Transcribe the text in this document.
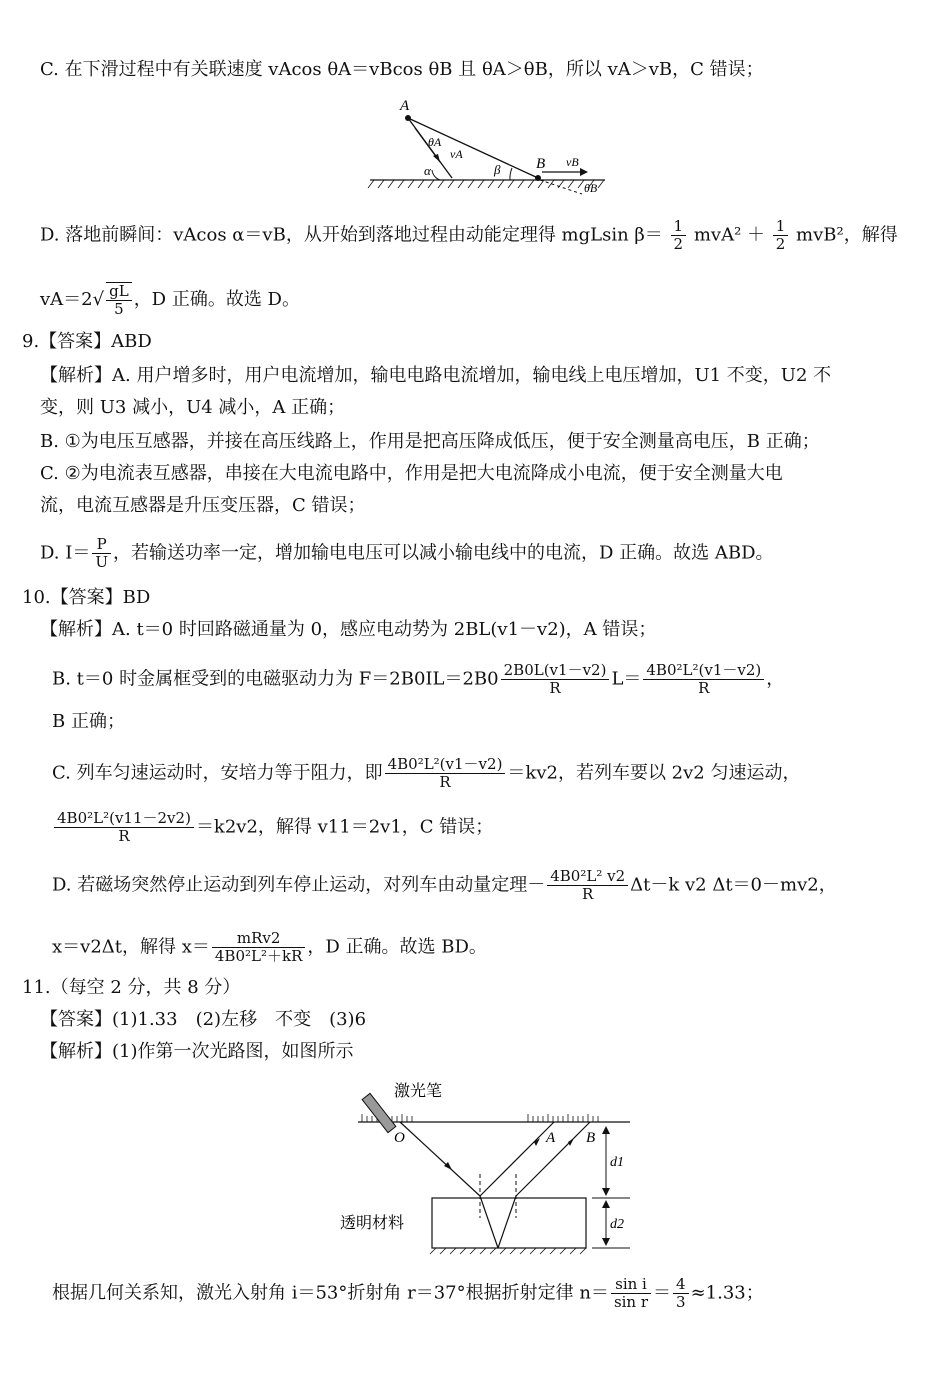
C. 在下滑过程中有关联速度 vAcos θA＝vBcos θB 且 θA＞θB，所以 vA＞vB，C 错误；
A
θA
vA
α	β B vB
θB
D. 落地前瞬间：vAcos α＝vB，从开始到落地过程由动能定理得 mgLsin $\beta= \frac{1}{2} mvA^2 + \frac{1}{2} mvB^2$，解得
$vA=2√ \frac{gL}{5}$ ，D 正确。故选 D。
9.【答案】ABD
【解析】A. 用户增多时，用户电流增加，输电电路电流增加，输电线上电压增加，U1 不变，U2 不
变，则 U3 减小，U4 减小，A 正确；
B. ①为电压互感器，并接在高压线路上，作用是把高压降成低压，便于安全测量高电压，B 正确；
C. ②为电流表互感器，串接在大电流电路中，作用是把大电流降成小电流，便于安全测量大电
流，电流互感器是升压变压器，C 错误；
D. $I= \frac{P}{U}$ ，若输送功率一定，增加输电电压可以减小输电线中的电流，D 正确。故选 ABD。
10.【答案】BD
【解析】A. t＝0 时回路磁通量为 0，感应电动势为 2BL(v1－v2)，A 错误；
B. t＝0 时金属框受到的电磁驱动力为 $F=2B0IL=2B0 \frac{2B0L(v1-v2)}{R} L= \frac{\text{4B0²L²(v1－v2)}}{R}$ ，
B 正确；
C. 列车匀速运动时，安培力等于阻力，即 $\frac{\text{4B0²L²(v1－v2)}}{R} =kv2$，若列车要以 2v2 匀速运动，
$\frac{\text{4B0²L²(v11－2v2)}}{R} =k2v2$，解得 v11＝2v1，C 错误；
D. 若磁场突然停止运动到列车停止运动，对列车由动量定理－ $\frac{\text{4B0²L² v2}}{R} \Delta t-k$ v2 Δt＝0－mv2，
x＝v2Δt，解得 $x= \frac{\text{mRv2}}{\text{4B0²L²＋kR}}$ ，D 正确。故选 BD。
11.（每空 2 分，共 8 分）
【答案】(1)1.33　(2)左移　不变　(3)6
【解析】(1)作第一次光路图，如图所示
激光笔
O	A B
d1
d2
透明材料
根据几何关系知，激光入射角 i＝53°折射角 r＝37°根据折射定律 $n= \frac{\text{sin i}}{\text{sin r}} = \frac{4}{3} \approx 1.33$；
